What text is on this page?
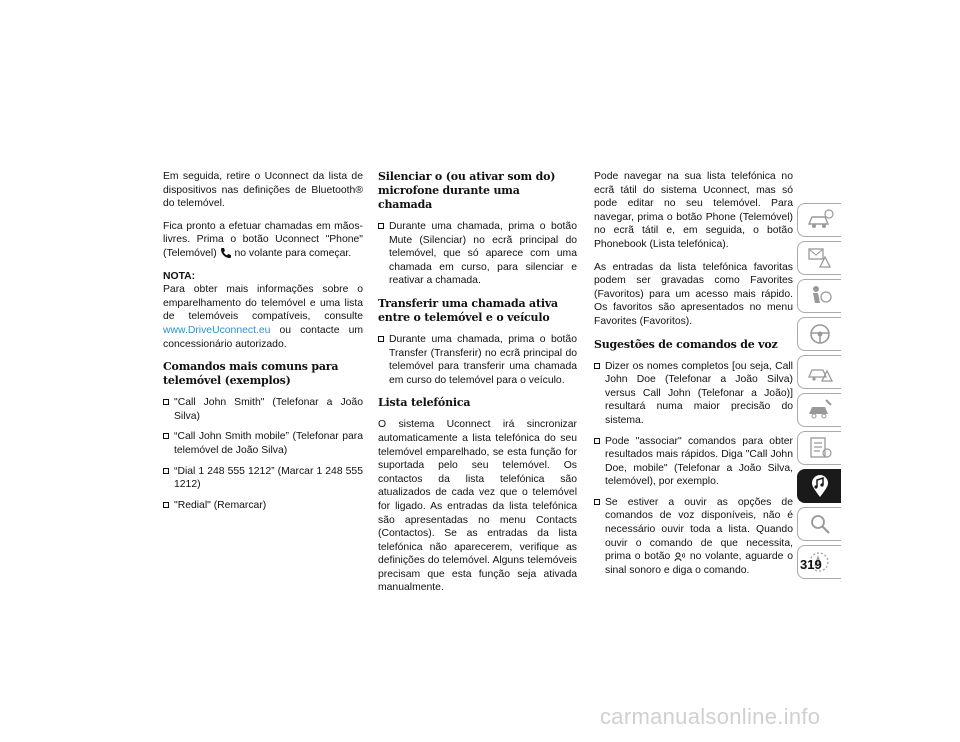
Em seguida, retire o Uconnect da lista de dispositivos nas definições de Bluetooth® do telemóvel.

Fica pronto a efetuar chamadas em mãos-livres. Prima o botão Uconnect "Phone" (Telemóvel) no volante para começar.

NOTA:
Para obter mais informações sobre o emparelhamento do telemóvel e uma lista de telemóveis compatíveis, consulte www.DriveUconnect.eu ou contacte um concessionário autorizado.

Comandos mais comuns para telemóvel (exemplos)
"Call John Smith" (Telefonar a João Silva)
“Call John Smith mobile” (Telefonar para telemóvel de João Silva)
“Dial 1 248 555 1212” (Marcar 1 248 555 1212)
"Redial" (Remarcar)
Silenciar o (ou ativar som do) microfone durante uma chamada
Durante uma chamada, prima o botão Mute (Silenciar) no ecrã principal do telemóvel, que só aparece com uma chamada em curso, para silenciar e reativar a chamada.
Transferir uma chamada ativa entre o telemóvel e o veículo
Durante uma chamada, prima o botão Transfer (Transferir) no ecrã principal do telemóvel para transferir uma chamada em curso do telemóvel para o veículo.
Lista telefónica

O sistema Uconnect irá sincronizar automaticamente a lista telefónica do seu telemóvel emparelhado, se esta função for suportada pelo seu telemóvel. Os contactos da lista telefónica são atualizados de cada vez que o telemóvel for ligado. As entradas da lista telefónica são apresentadas no menu Contacts (Contactos). Se as entradas da lista telefónica não aparecerem, verifique as definições do telemóvel. Alguns telemóveis precisam que esta função seja ativada manualmente.

Pode navegar na sua lista telefónica no ecrã tátil do sistema Uconnect, mas só pode editar no seu telemóvel. Para navegar, prima o botão Phone (Telemóvel) no ecrã tátil e, em seguida, o botão Phonebook (Lista telefónica).

As entradas da lista telefónica favoritas podem ser gravadas como Favorites (Favoritos) para um acesso mais rápido. Os favoritos são apresentados no menu Favorites (Favoritos).

Sugestões de comandos de voz
Dizer os nomes completos [ou seja, Call John Doe (Telefonar a João Silva) versus Call John (Telefonar a João)] resultará numa maior precisão do sistema.
Pode "associar" comandos para obter resultados mais rápidos. Diga "Call John Doe, mobile" (Telefonar a João Silva, telemóvel), por exemplo.
Se estiver a ouvir as opções de comandos de voz disponíveis, não é necessário ouvir toda a lista. Quando ouvir o comando de que necessita, prima o botão no volante, aguarde o sinal sonoro e diga o comando.	319
carmanualsonline.info
